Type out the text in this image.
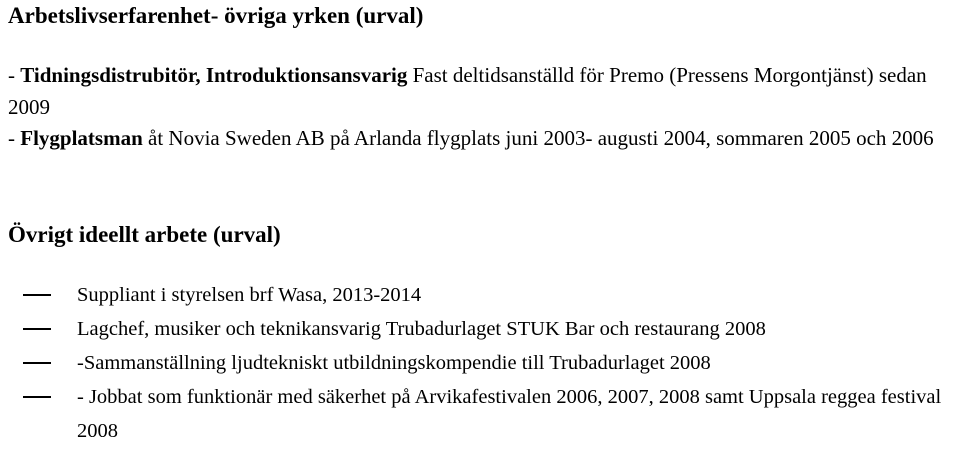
Arbetslivserfarenhet- övriga yrken (urval)
- Tidningsdistrubitör, Introduktionsansvarig Fast deltidsanställd för Premo (Pressens Morgontjänst) sedan 2009
- Flygplatsman åt Novia Sweden AB på Arlanda flygplats juni 2003- augusti 2004, sommaren 2005 och 2006
Övrigt ideellt arbete (urval)
Suppliant i styrelsen brf Wasa, 2013-2014
Lagchef, musiker och teknikansvarig Trubadurlaget STUK Bar och restaurang 2008
-Sammanställning ljudtekniskt utbildningskompendie till Trubadurlaget 2008
- Jobbat som funktionär med säkerhet på Arvikafestivalen 2006, 2007, 2008 samt Uppsala reggea festival 2008
